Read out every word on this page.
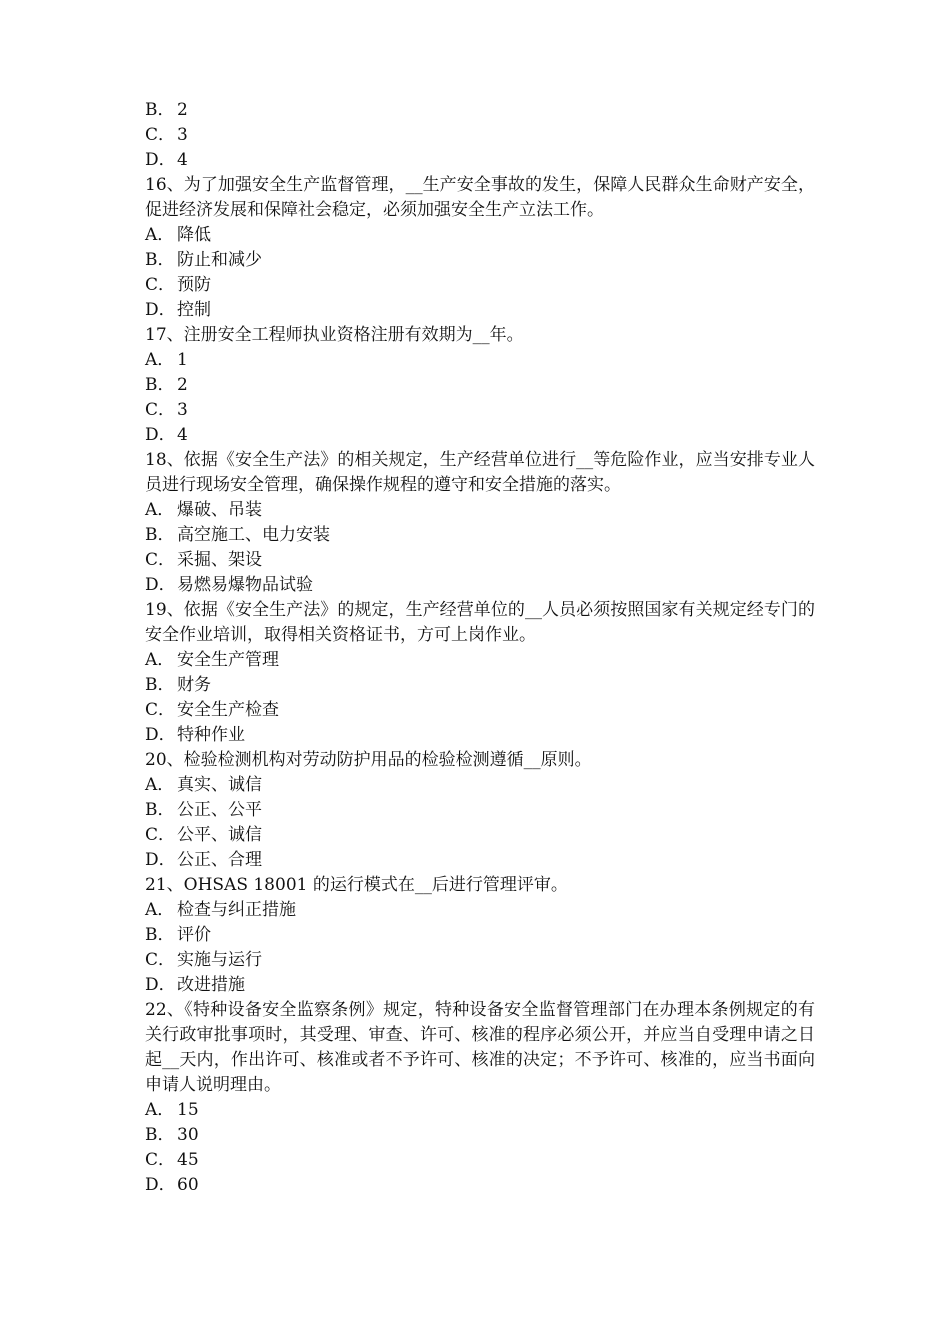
B． 2
C． 3
D． 4
16、为了加强安全生产监督管理，__生产安全事故的发生，保障人民群众生命财产安全，促进经济发展和保障社会稳定，必须加强安全生产立法工作。
A． 降低
B． 防止和减少
C． 预防
D． 控制
17、注册安全工程师执业资格注册有效期为__年。
A． 1
B． 2
C． 3
D． 4
18、依据《安全生产法》的相关规定，生产经营单位进行__等危险作业，应当安排专业人员进行现场安全管理，确保操作规程的遵守和安全措施的落实。
A． 爆破、吊装
B． 高空施工、电力安装
C． 采掘、架设
D． 易燃易爆物品试验
19、依据《安全生产法》的规定，生产经营单位的__人员必须按照国家有关规定经专门的安全作业培训，取得相关资格证书，方可上岗作业。
A． 安全生产管理
B． 财务
C． 安全生产检查
D． 特种作业
20、检验检测机构对劳动防护用品的检验检测遵循__原则。
A． 真实、诚信
B． 公正、公平
C． 公平、诚信
D． 公正、合理
21、OHSAS 18001 的运行模式在__后进行管理评审。
A． 检查与纠正措施
B． 评价
C． 实施与运行
D． 改进措施
22、《特种设备安全监察条例》规定，特种设备安全监督管理部门在办理本条例规定的有关行政审批事项时，其受理、审查、许可、核准的程序必须公开，并应当自受理申请之日起__天内，作出许可、核准或者不予许可、核准的决定；不予许可、核准的，应当书面向申请人说明理由。
A． 15
B． 30
C． 45
D． 60
